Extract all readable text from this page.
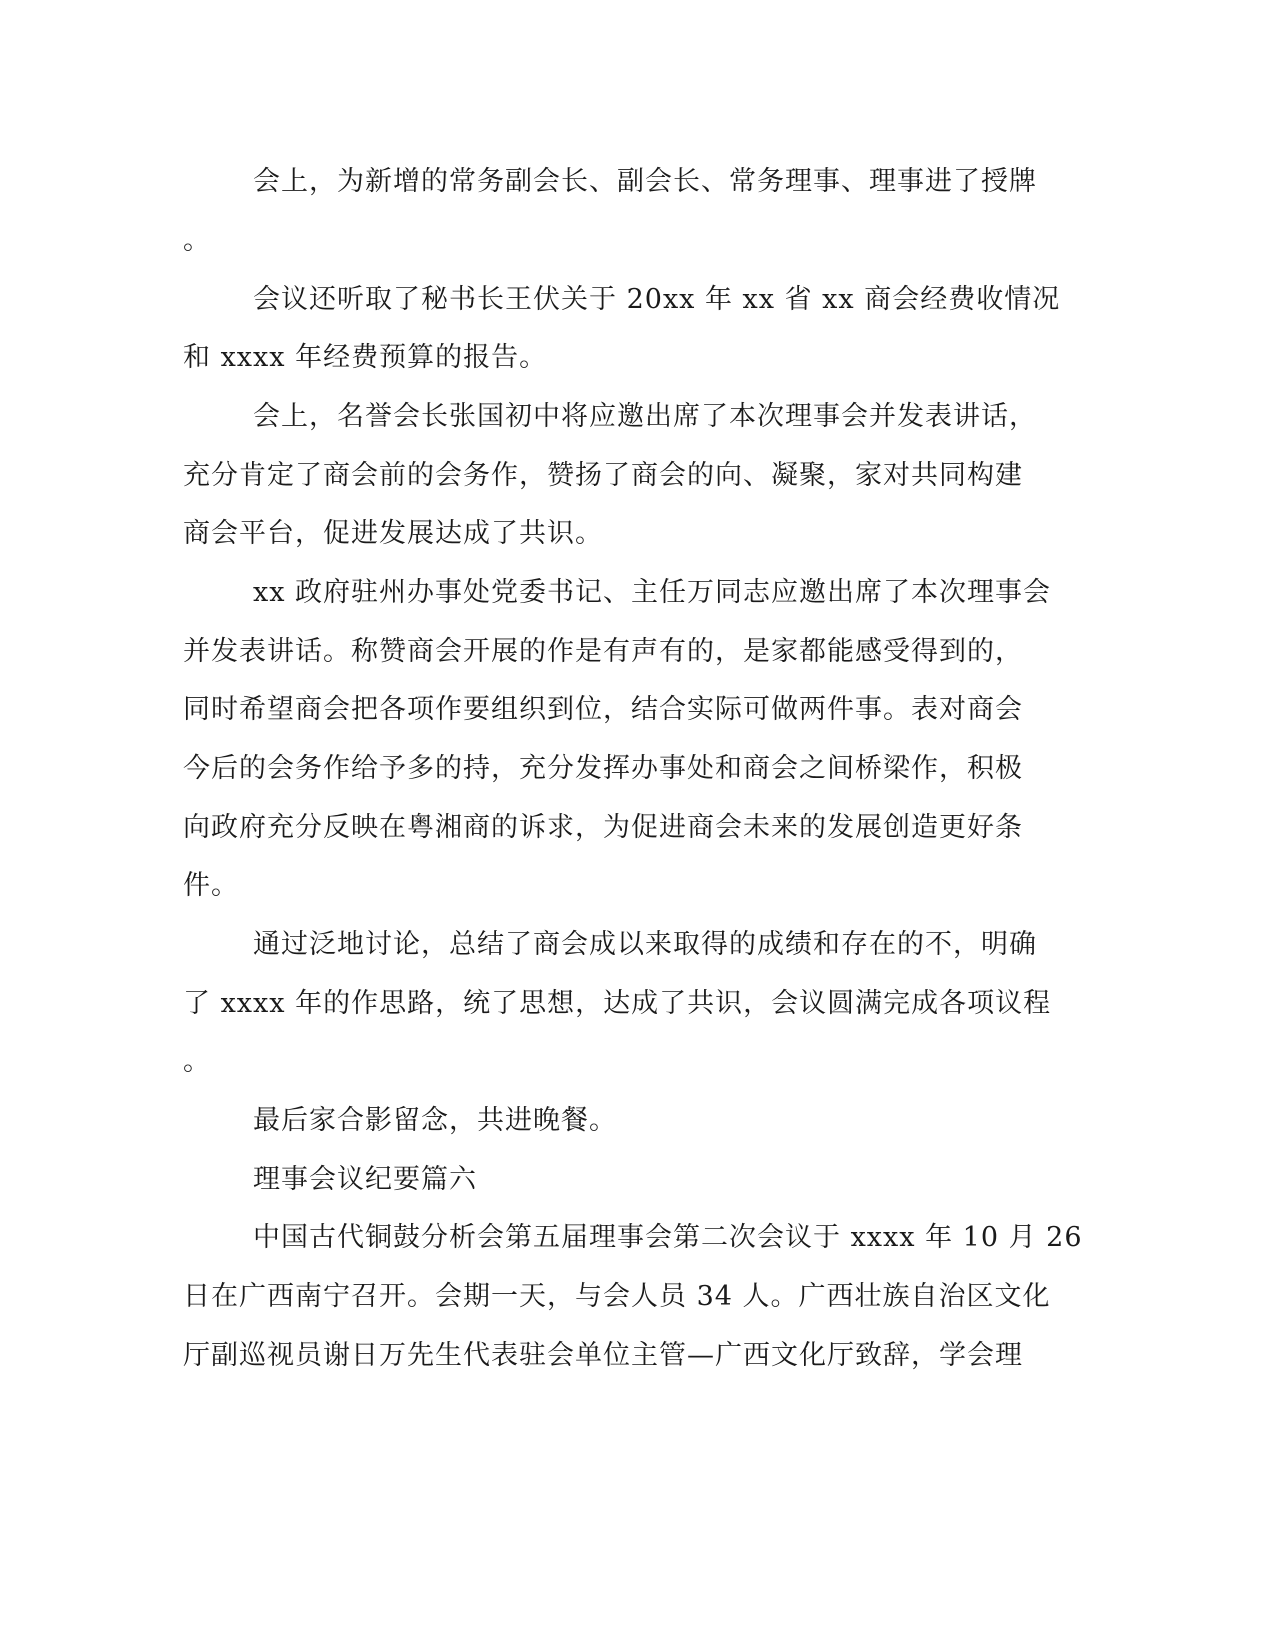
会上，为新增的常务副会长、副会长、常务理事、理事进了授牌
。
会议还听取了秘书长王伏关于 20xx 年 xx 省 xx 商会经费收情况
和 xxxx 年经费预算的报告。
会上，名誉会长张国初中将应邀出席了本次理事会并发表讲话，
充分肯定了商会前的会务作，赞扬了商会的向、凝聚，家对共同构建
商会平台，促进发展达成了共识。
xx 政府驻州办事处党委书记、主任万同志应邀出席了本次理事会
并发表讲话。称赞商会开展的作是有声有的，是家都能感受得到的，
同时希望商会把各项作要组织到位，结合实际可做两件事。表对商会
今后的会务作给予多的持，充分发挥办事处和商会之间桥梁作，积极
向政府充分反映在粤湘商的诉求，为促进商会未来的发展创造更好条
件。
通过泛地讨论，总结了商会成以来取得的成绩和存在的不，明确
了 xxxx 年的作思路，统了思想，达成了共识，会议圆满完成各项议程
。
最后家合影留念，共进晚餐。
理事会议纪要篇六
中国古代铜鼓分析会第五届理事会第二次会议于 xxxx 年 10 月 26
日在广西南宁召开。会期一天，与会人员 34 人。广西壮族自治区文化
厅副巡视员谢日万先生代表驻会单位主管—广西文化厅致辞，学会理
